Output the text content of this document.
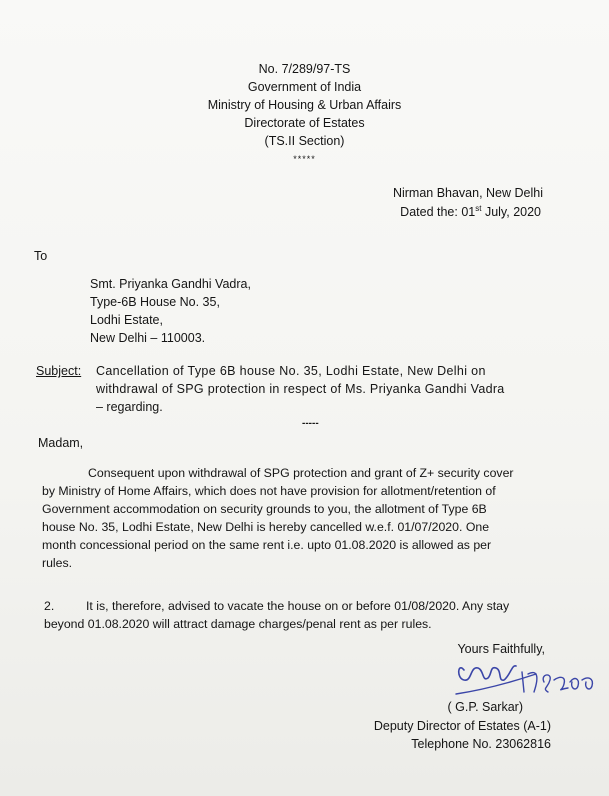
No. 7/289/97-TS
Government of India
Ministry of Housing & Urban Affairs
Directorate of Estates
(TS.II Section)
*****
Nirman Bhavan, New Delhi
Dated the: 01st July, 2020
To
Smt. Priyanka Gandhi Vadra,
Type-6B House No. 35,
Lodhi Estate,
New Delhi – 110003.
Subject: Cancellation of Type 6B house No. 35, Lodhi Estate, New Delhi on
withdrawal of SPG protection in respect of Ms. Priyanka Gandhi Vadra
– regarding.
-----
Madam,
Consequent upon withdrawal of SPG protection and grant of Z+ security cover
by Ministry of Home Affairs, which does not have provision for allotment/retention of
Government accommodation on security grounds to you, the allotment of Type 6B
house No. 35, Lodhi Estate, New Delhi is hereby cancelled w.e.f. 01/07/2020. One
month concessional period on the same rent i.e. upto 01.08.2020 is allowed as per
rules.
2.	It is, therefore, advised to vacate the house on or before 01/08/2020. Any stay
beyond 01.08.2020 will attract damage charges/penal rent as per rules.
Yours Faithfully,
( G.P. Sarkar)
Deputy Director of Estates (A-1)
Telephone No. 23062816
